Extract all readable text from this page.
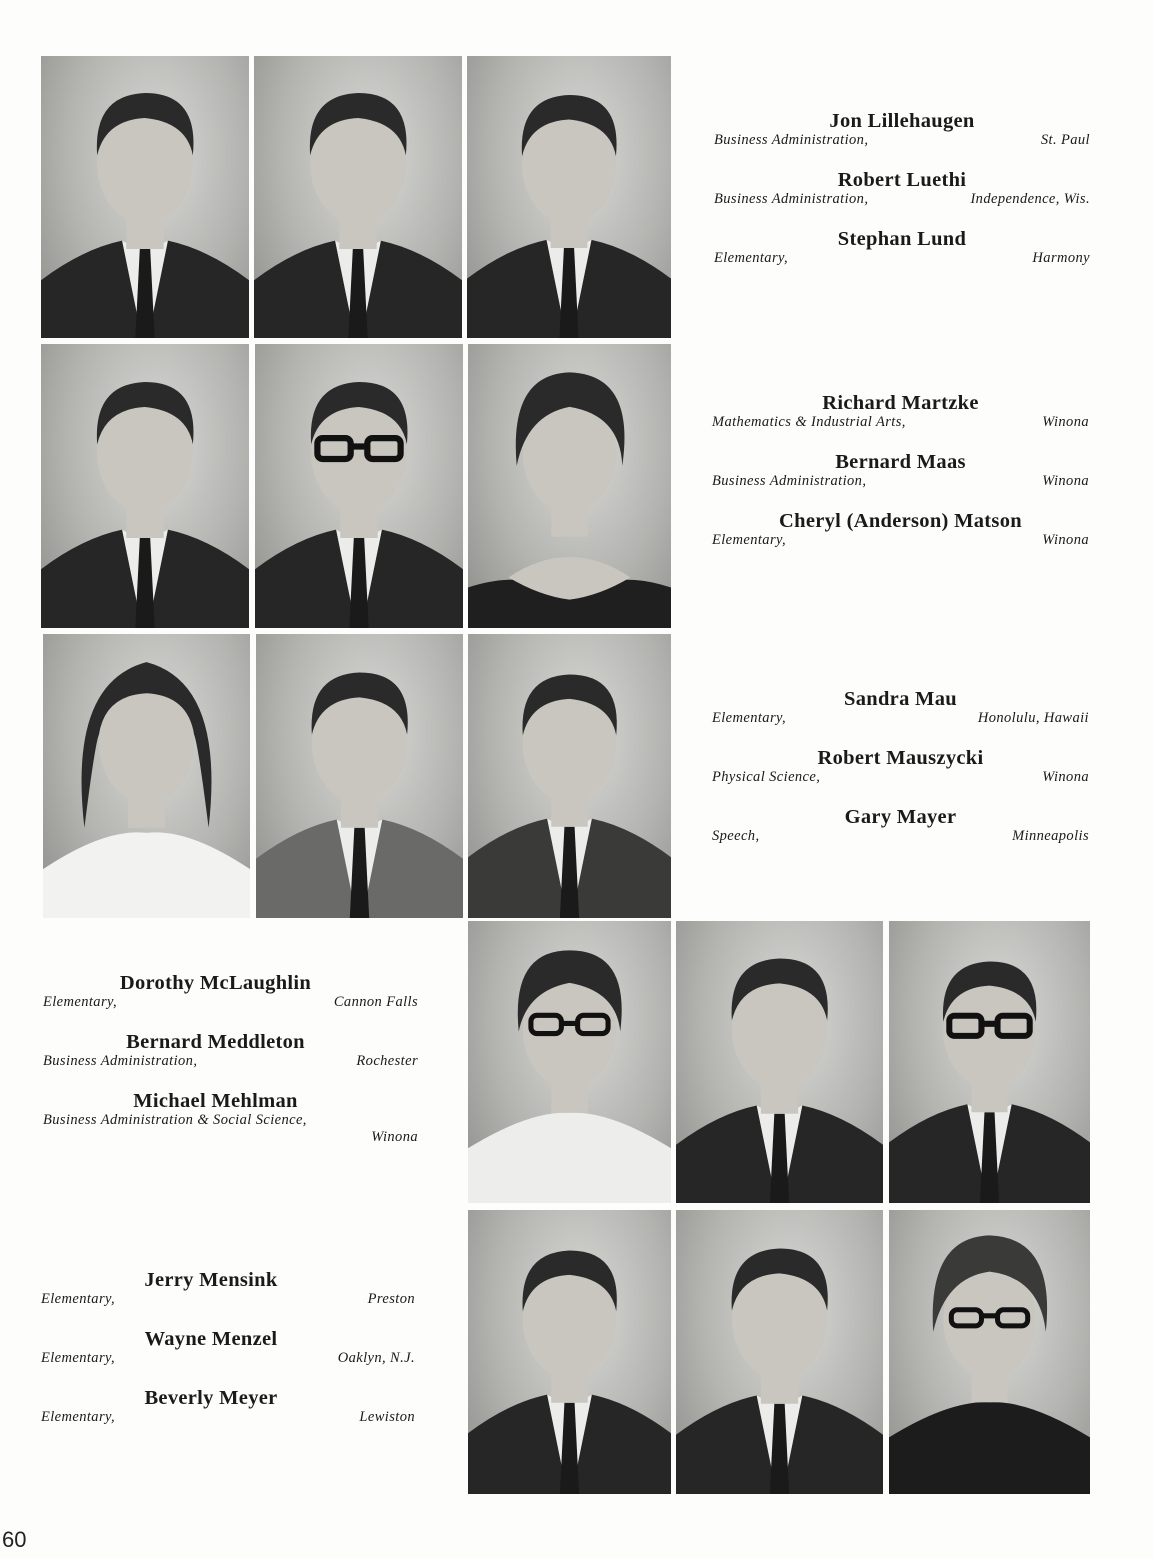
Jon Lillehaugen
Business Administration,	St. Paul
Robert Luethi
Business Administration,	Independence, Wis.
Stephan Lund
Elementary,	Harmony
Richard Martzke
Mathematics & Industrial Arts,	Winona
Bernard Maas
Business Administration,	Winona
Cheryl (Anderson) Matson
Elementary,	Winona
Sandra Mau
Elementary,	Honolulu, Hawaii
Robert Mauszycki
Physical Science,	Winona
Gary Mayer
Speech,	Minneapolis
Dorothy McLaughlin
Elementary,	Cannon Falls
Bernard Meddleton
Business Administration,	Rochester
Michael Mehlman
Business Administration & Social Science,
Winona
Jerry Mensink
Elementary,	Preston
Wayne Menzel
Elementary,	Oaklyn, N.J.
Beverly Meyer
Elementary,	Lewiston
60
